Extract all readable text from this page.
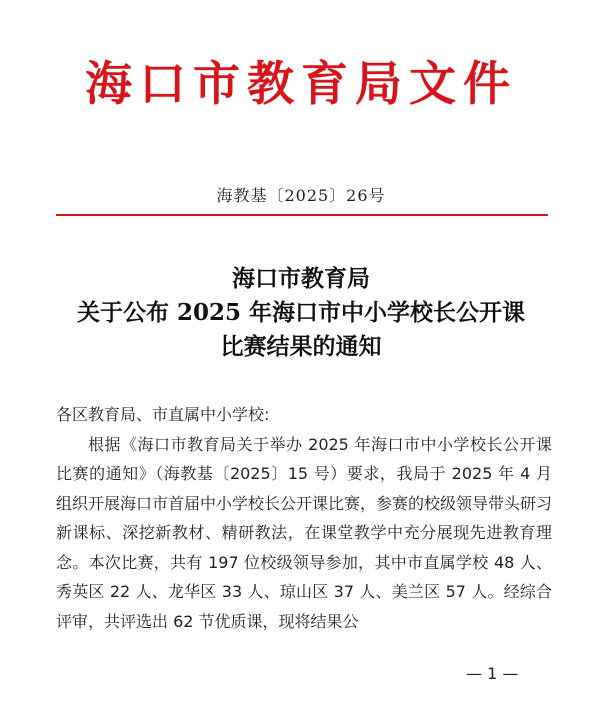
海口市教育局文件
海教基〔2025〕26号
海口市教育局
关于公布 2025 年海口市中小学校长公开课
比赛结果的通知

各区教育局、市直属中小学校:

根据《海口市教育局关于举办 2025 年海口市中小学校长公开课比赛的通知》（海教基〔2025〕15 号）要求，我局于 2025 年 4 月组织开展海口市首届中小学校长公开课比赛，参赛的校级领导带头研习新课标、深挖新教材、精研教法，在课堂教学中充分展现先进教育理念。本次比赛，共有 197 位校级领导参加，其中市直属学校 48 人、秀英区 22 人、龙华区 33 人、琼山区 37 人、美兰区 57 人。经综合评审，共评选出 62 节优质课，现将结果公

— 1 —
